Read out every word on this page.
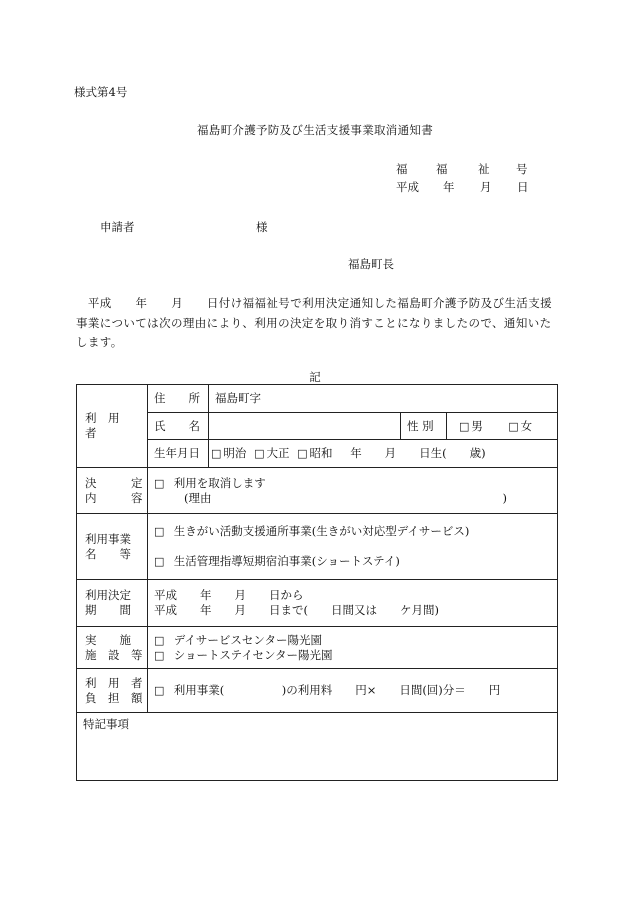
様式第4号
福島町介護予防及び生活支援事業取消通知書
福 福	祉 号
平成 年 月 日
申請者	様
福島町長
　平成　　年　　月　　日付け福福祉号で利用決定通知した福島町介護予防及び生活支援事業については次の理由により、利用の決定を取り消すことになりましたので、通知いたします。
記
利　用　者	住　　所	福島町字		
	氏　　名		性 別	□ 男 □ 女
	生年月日	□ 明治 □ 大正 □ 昭和 年　　月　　日生(　　歳)		

決　　　定
内　　　容	□ 利用を取消します
(理由 )			

利用事業
名　　等	□ 生きがい活動支援通所事業(生きがい対応型デイサービス)
□ 生活管理指導短期宿泊事業(ショートステイ)			

利用決定
期　　間	平成　　年　　月　　日から
平成　　年　　月　　日まで(　　日間又は　　ケ月間)			

実　　施
施　設　等	□ デイサービスセンター陽光園
□ ショートステイセンター陽光園			

利　用　者
負　担　額	□ 利用事業(　　　　　)の利用料　　円×　　日間(回)分＝　　円			
特記事項				
